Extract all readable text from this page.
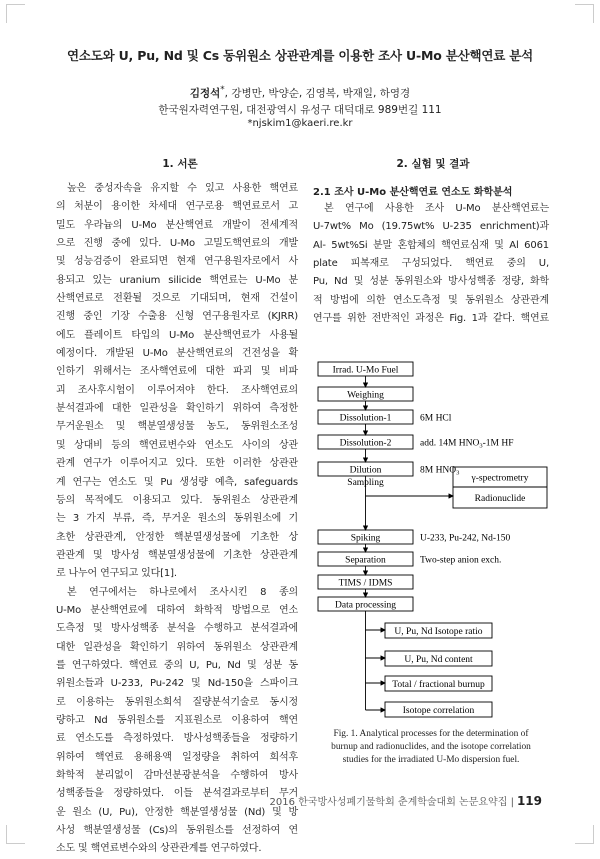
연소도와 U, Pu, Nd 및 Cs 동위원소 상관관계를 이용한 조사 U-Mo 분산핵연료 분석
김정석*, 강병만, 박양순, 김영복, 박재일, 하영경
한국원자력연구원, 대전광역시 유성구 대덕대로 989번길 111
*njskim1@kaeri.re.kr
1. 서론	2. 실험 및 결과
높은 중성자속을 유지할 수 있고 사용한 핵연료
의 처분이 용이한 차세대 연구로용 핵연료로서 고
밀도 우라늄의 U-Mo 분산핵연료 개발이 전세계적
으로 진행 중에 있다. U-Mo 고밀도핵연료의 개발
및 성능검증이 완료되면 현재 연구용원자로에서 사
용되고 있는 uranium silicide 핵연료는 U-Mo 분
산핵연료로 전환될 것으로 기대되며, 현재 건설이
진행 중인 기장 수출용 신형 연구용원자로 (KJRR)
에도 플레이트 타입의 U-Mo 분산핵연료가 사용될
예정이다. 개발된 U-Mo 분산핵연료의 건전성을 확
인하기 위해서는 조사핵연료에 대한 파괴 및 비파
괴 조사후시험이 이루어져야 한다. 조사핵연료의
분석결과에 대한 일관성을 확인하기 위하여 측정한
무거운원소 및 핵분열생성물 농도, 동위원소조성
및 상대비 등의 핵연료변수와 연소도 사이의 상관
관계 연구가 이루어지고 있다. 또한 이러한 상관관
계 연구는 연소도 및 Pu 생성량 예측, safeguards
등의 목적에도 이용되고 있다. 동위원소 상관관계
는 3 가지 부류, 즉, 무거운 원소의 동위원소에 기
초한 상관관계, 안정한 핵분열생성물에 기초한 상
관관계 및 방사성 핵분열생성물에 기초한 상관관계
로 나누어 연구되고 있다[1].
본 연구에서는 하나로에서 조사시킨 8 종의
U-Mo 분산핵연료에 대하여 화학적 방법으로 연소
도측정 및 방사성핵종 분석을 수행하고 분석결과에
대한 일관성을 확인하기 위하여 동위원소 상관관계
를 연구하였다. 핵연료 중의 U, Pu, Nd 및 성분 동
위원소들과 U-233, Pu-242 및 Nd-150을 스파이크
로 이용하는 동위원소희석 질량분석기술로 동시정
량하고 Nd 동위원소를 지표원소로 이용하여 핵연
료 연소도를 측정하였다. 방사성핵종들을 정량하기
위하여 핵연료 용해용액 일정량을 취하여 희석후
화학적 분리없이 감마선분광분석을 수행하여 방사
성핵종들을 정량하였다. 이들 분석결과로부터 무거
운 원소 (U, Pu), 안정한 핵분열생성물 (Nd) 및 방
사성 핵분열생성물 (Cs)의 동위원소를 선정하여 연
소도 및 핵연료변수와의 상관관계를 연구하였다.
2.1 조사 U-Mo 분산핵연료 연소도 화학분석
본 연구에 사용한 조사 U-Mo 분산핵연료는
U-7wt% Mo (19.75wt% U-235 enrichment)과
Al- 5wt%Si 분말 혼합체의 핵연료심재 및 Al 6061
plate 피복재로 구성되었다. 핵연료 중의 U,
Pu, Nd 및 성분 동위원소와 방사성핵종 정량, 화학
적 방법에 의한 연소도측정 및 동위원소 상관관계
연구를 위한 전반적인 과정은 Fig. 1과 같다. 핵연료
Irrad. U-Mo Fuel
Weighing
Dissolution-1
Dissolution-2
Dilution
Sampling
Spiking
Separation
TIMS / IDMS
Data processing
6M HCl
add. 14M $HNO_3-1M$ HF
8M $HNO_3$
U-233, Pu-242, Nd-150
Two-step anion exch.
γ-spectrometry
Radionuclide
U, Pu, Nd Isotope ratio
U, Pu, Nd content
Total / fractional burnup
Isotope correlation
Fig. 1. Analytical processes for the determination of
burnup and radionuclides, and the isotope correlation
studies for the irradiated U-Mo dispersion fuel.
2016 한국방사성폐기물학회 춘계학술대회 논문요약집 | 119
